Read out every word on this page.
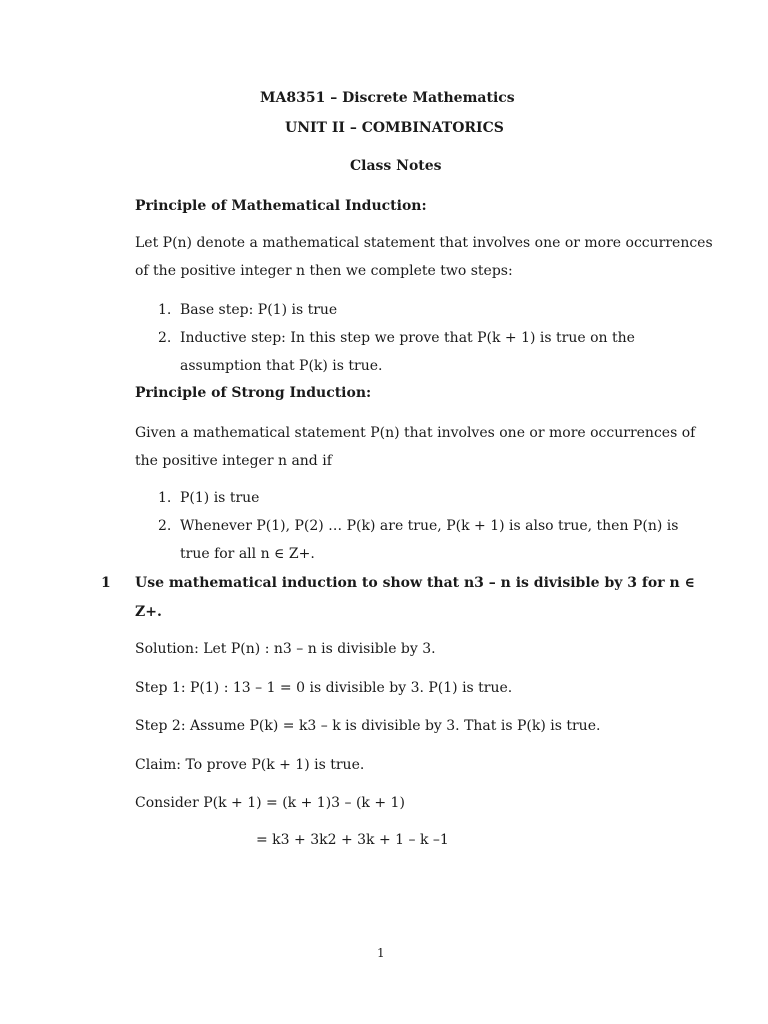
MA8351 – Discrete Mathematics
UNIT II – COMBINATORICS
Class Notes
Principle of Mathematical Induction:
Let P(n) denote a mathematical statement that involves one or more occurrences
of the positive integer n then we complete two steps:
1. Base step: P(1) is true
2. Inductive step: In this step we prove that P(k + 1) is true on the
assumption that P(k) is true.
Principle of Strong Induction:
Given a mathematical statement P(n) that involves one or more occurrences of
the positive integer n and if
1. P(1) is true
2. Whenever P(1), P(2) … P(k) are true, P(k + 1) is also true, then P(n) is
true for all n ∈ Z+.
1 Use mathematical induction to show that n3 – n is divisible by 3 for n ∈
Z+.
Solution: Let P(n) : n3 – n is divisible by 3.
Step 1: P(1) : 13 – 1 = 0 is divisible by 3. P(1) is true.
Step 2: Assume P(k) = k3 – k is divisible by 3. That is P(k) is true.
Claim: To prove P(k + 1) is true.
Consider P(k + 1) = (k + 1)3 – (k + 1)
= k3 + 3k2 + 3k + 1 – k –1
1
